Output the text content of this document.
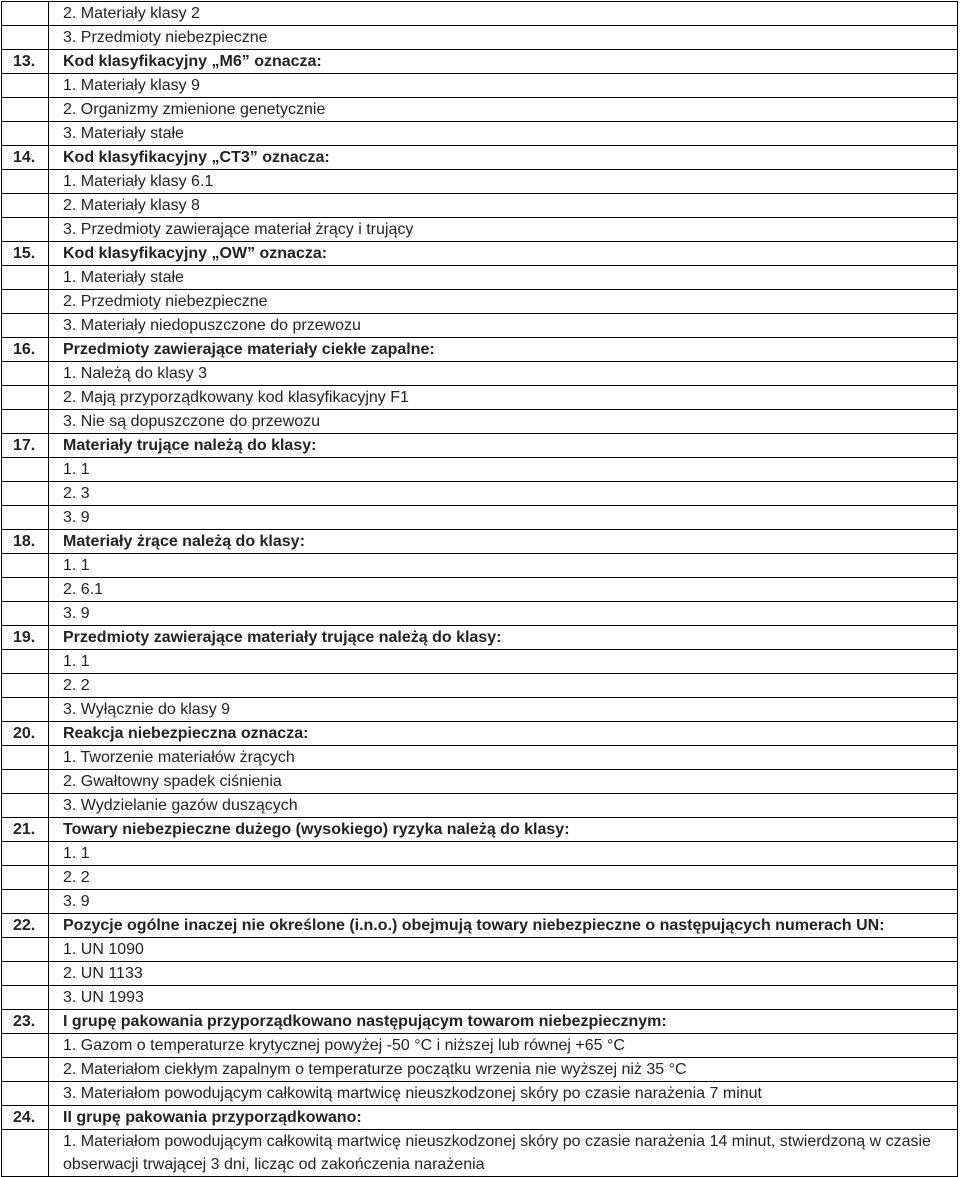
	2. Materiały klasy 2
	3. Przedmioty niebezpieczne
13.	Kod klasyfikacyjny „M6” oznacza:
	1. Materiały klasy 9
	2. Organizmy zmienione genetycznie
	3. Materiały stałe
14.	Kod klasyfikacyjny „CT3” oznacza:
	1. Materiały klasy 6.1
	2. Materiały klasy 8
	3. Przedmioty zawierające materiał żrący i trujący
15.	Kod klasyfikacyjny „OW” oznacza:
	1. Materiały stałe
	2. Przedmioty niebezpieczne
	3. Materiały niedopuszczone do przewozu
16.	Przedmioty zawierające materiały ciekłe zapalne:
	1. Należą do klasy 3
	2. Mają przyporządkowany kod klasyfikacyjny F1
	3. Nie są dopuszczone do przewozu
17.	Materiały trujące należą do klasy:
	1. 1
	2. 3
	3. 9
18.	Materiały żrące należą do klasy:
	1. 1
	2. 6.1
	3. 9
19.	Przedmioty zawierające materiały trujące należą do klasy:
	1. 1
	2. 2
	3. Wyłącznie do klasy 9
20.	Reakcja niebezpieczna oznacza:
	1. Tworzenie materiałów żrących
	2. Gwałtowny spadek ciśnienia
	3. Wydzielanie gazów duszących
21.	Towary niebezpieczne dużego (wysokiego) ryzyka należą do klasy:
	1. 1
	2. 2
	3. 9
22.	Pozycje ogólne inaczej nie określone (i.n.o.) obejmują towary niebezpieczne o następujących numerach UN:
	1. UN 1090
	2. UN 1133
	3. UN 1993
23.	I grupę pakowania przyporządkowano następującym towarom niebezpiecznym:
	1. Gazom o temperaturze krytycznej powyżej -50 °C i niższej lub równej +65 °C
	2. Materiałom ciekłym zapalnym o temperaturze początku wrzenia nie wyższej niż 35 °C
	3. Materiałom powodującym całkowitą martwicę nieuszkodzonej skóry po czasie narażenia 7 minut
24.	II grupę pakowania przyporządkowano:
	1. Materiałom powodującym całkowitą martwicę nieuszkodzonej skóry po czasie narażenia 14 minut, stwierdzoną w czasie obserwacji trwającej 3 dni, licząc od zakończenia narażenia
